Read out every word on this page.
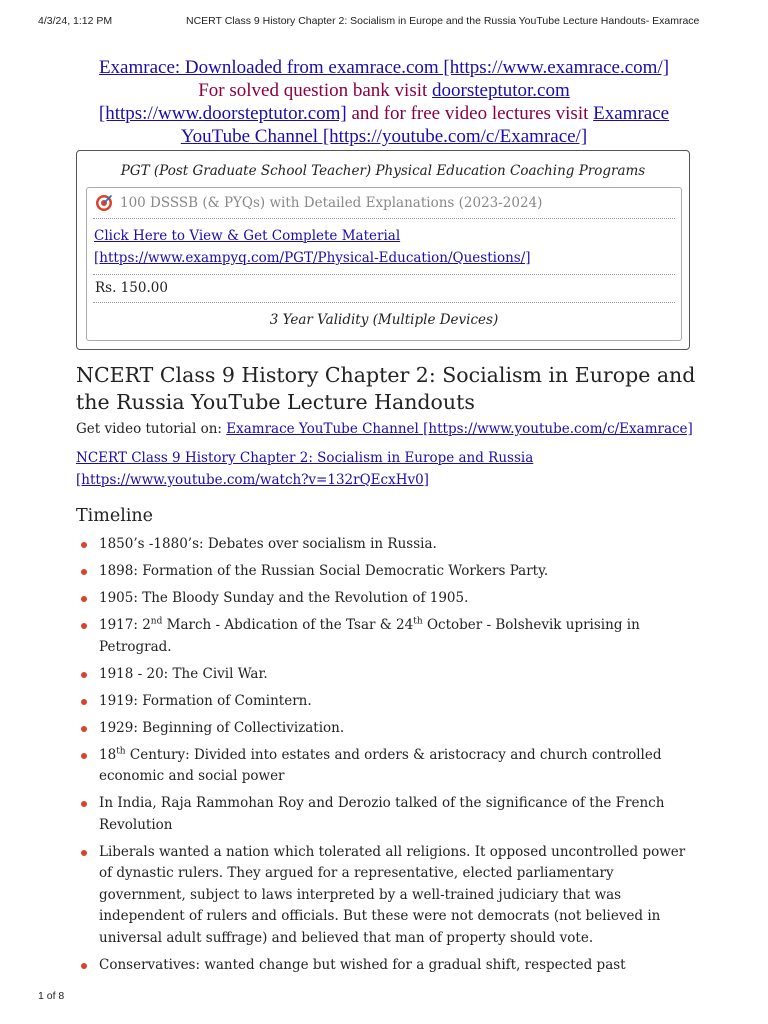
4/3/24, 1:12 PM	NCERT Class 9 History Chapter 2: Socialism in Europe and the Russia YouTube Lecture Handouts- Examrace
Examrace: Downloaded from examrace.com [https://www.examrace.com/]
For solved question bank visit doorsteptutor.com
[https://www.doorsteptutor.com] and for free video lectures visit Examrace
YouTube Channel [https://youtube.com/c/Examrace/]
PGT (Post Graduate School Teacher) Physical Education Coaching Programs
100 DSSSB (& PYQs) with Detailed Explanations (2023-2024)
Click Here to View & Get Complete Material [https://www.exampyq.com/PGT/Physical-Education/Questions/]
Rs. 150.00
3 Year Validity (Multiple Devices)
NCERT Class 9 History Chapter 2: Socialism in Europe and the Russia YouTube Lecture Handouts
Get video tutorial on: Examrace YouTube Channel [https://www.youtube.com/c/Examrace]
NCERT Class 9 History Chapter 2: Socialism in Europe and Russia [https://www.youtube.com/watch?v=132rQEcxHv0]
Timeline
1850’s -1880’s: Debates over socialism in Russia.
1898: Formation of the Russian Social Democratic Workers Party.
1905: The Bloody Sunday and the Revolution of 1905.
1917: 2nd March - Abdication of the Tsar & 24th October - Bolshevik uprising in Petrograd.
1918 - 20: The Civil War.
1919: Formation of Comintern.
1929: Beginning of Collectivization.
18th Century: Divided into estates and orders & aristocracy and church controlled economic and social power
In India, Raja Rammohan Roy and Derozio talked of the significance of the French Revolution
Liberals wanted a nation which tolerated all religions. It opposed uncontrolled power of dynastic rulers. They argued for a representative, elected parliamentary government, subject to laws interpreted by a well-trained judiciary that was independent of rulers and officials. But these were not democrats (not believed in universal adult suffrage) and believed that man of property should vote.
Conservatives: wanted change but wished for a gradual shift, respected past
1 of 8
